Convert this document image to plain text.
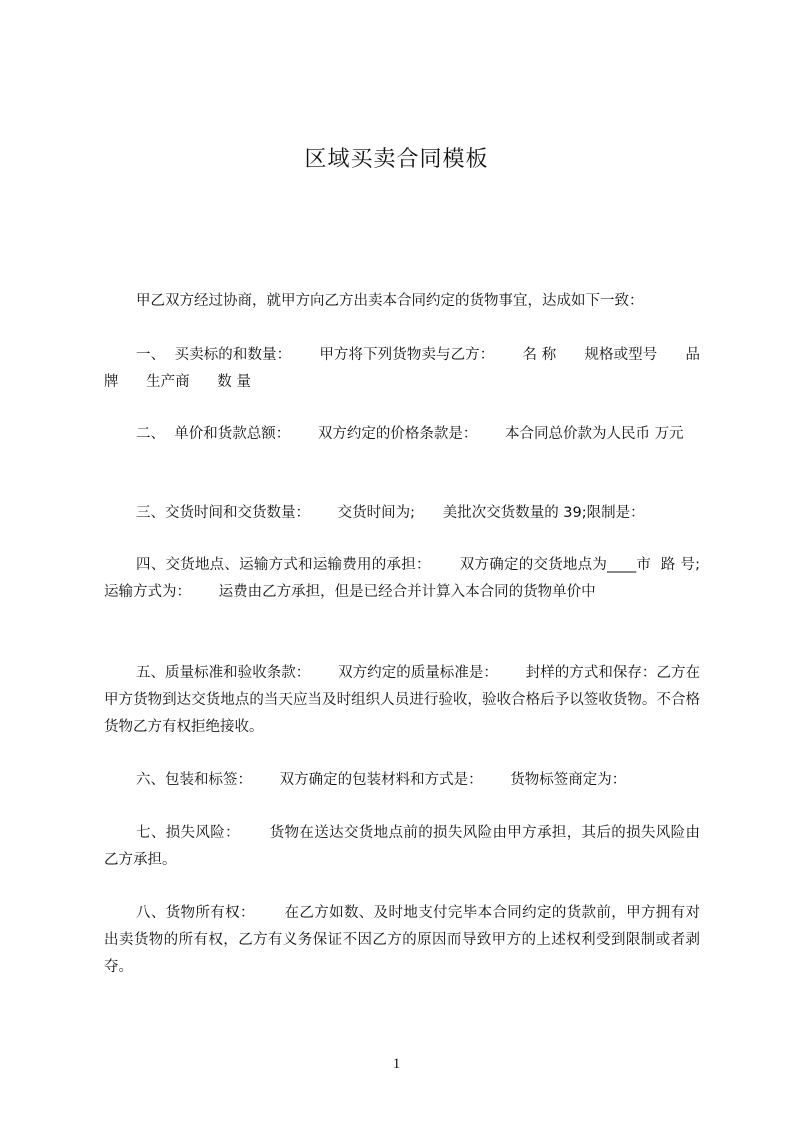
区域买卖合同模板
甲乙双方经过协商，就甲方向乙方出卖本合同约定的货物事宜，达成如下一致：
一、  买卖标的和数量：      甲方将下列货物卖与乙方：      名 称      规格或型号      品 牌      生产商      数 量
二、  单价和货款总额：      双方约定的价格条款是：      本合同总价款为人民币 万元
三、交货时间和交货数量：      交货时间为;      美批次交货数量的 39;限制是：
四、交货地点、运输方式和运输费用的承担：      双方确定的交货地点为____市  路 号;      运输方式为：      运费由乙方承担，但是已经合并计算入本合同的货物单价中
五、质量标准和验收条款：      双方约定的质量标准是：      封样的方式和保存：乙方在甲方货物到达交货地点的当天应当及时组织人员进行验收，验收合格后予以签收货物。不合格货物乙方有权拒绝接收。
六、包装和标签：      双方确定的包装材料和方式是：      货物标签商定为：
七、损失风险：      货物在送达交货地点前的损失风险由甲方承担，其后的损失风险由乙方承担。
八、货物所有权：      在乙方如数、及时地支付完毕本合同约定的货款前，甲方拥有对出卖货物的所有权，乙方有义务保证不因乙方的原因而导致甲方的上述权利受到限制或者剥夺。
1
